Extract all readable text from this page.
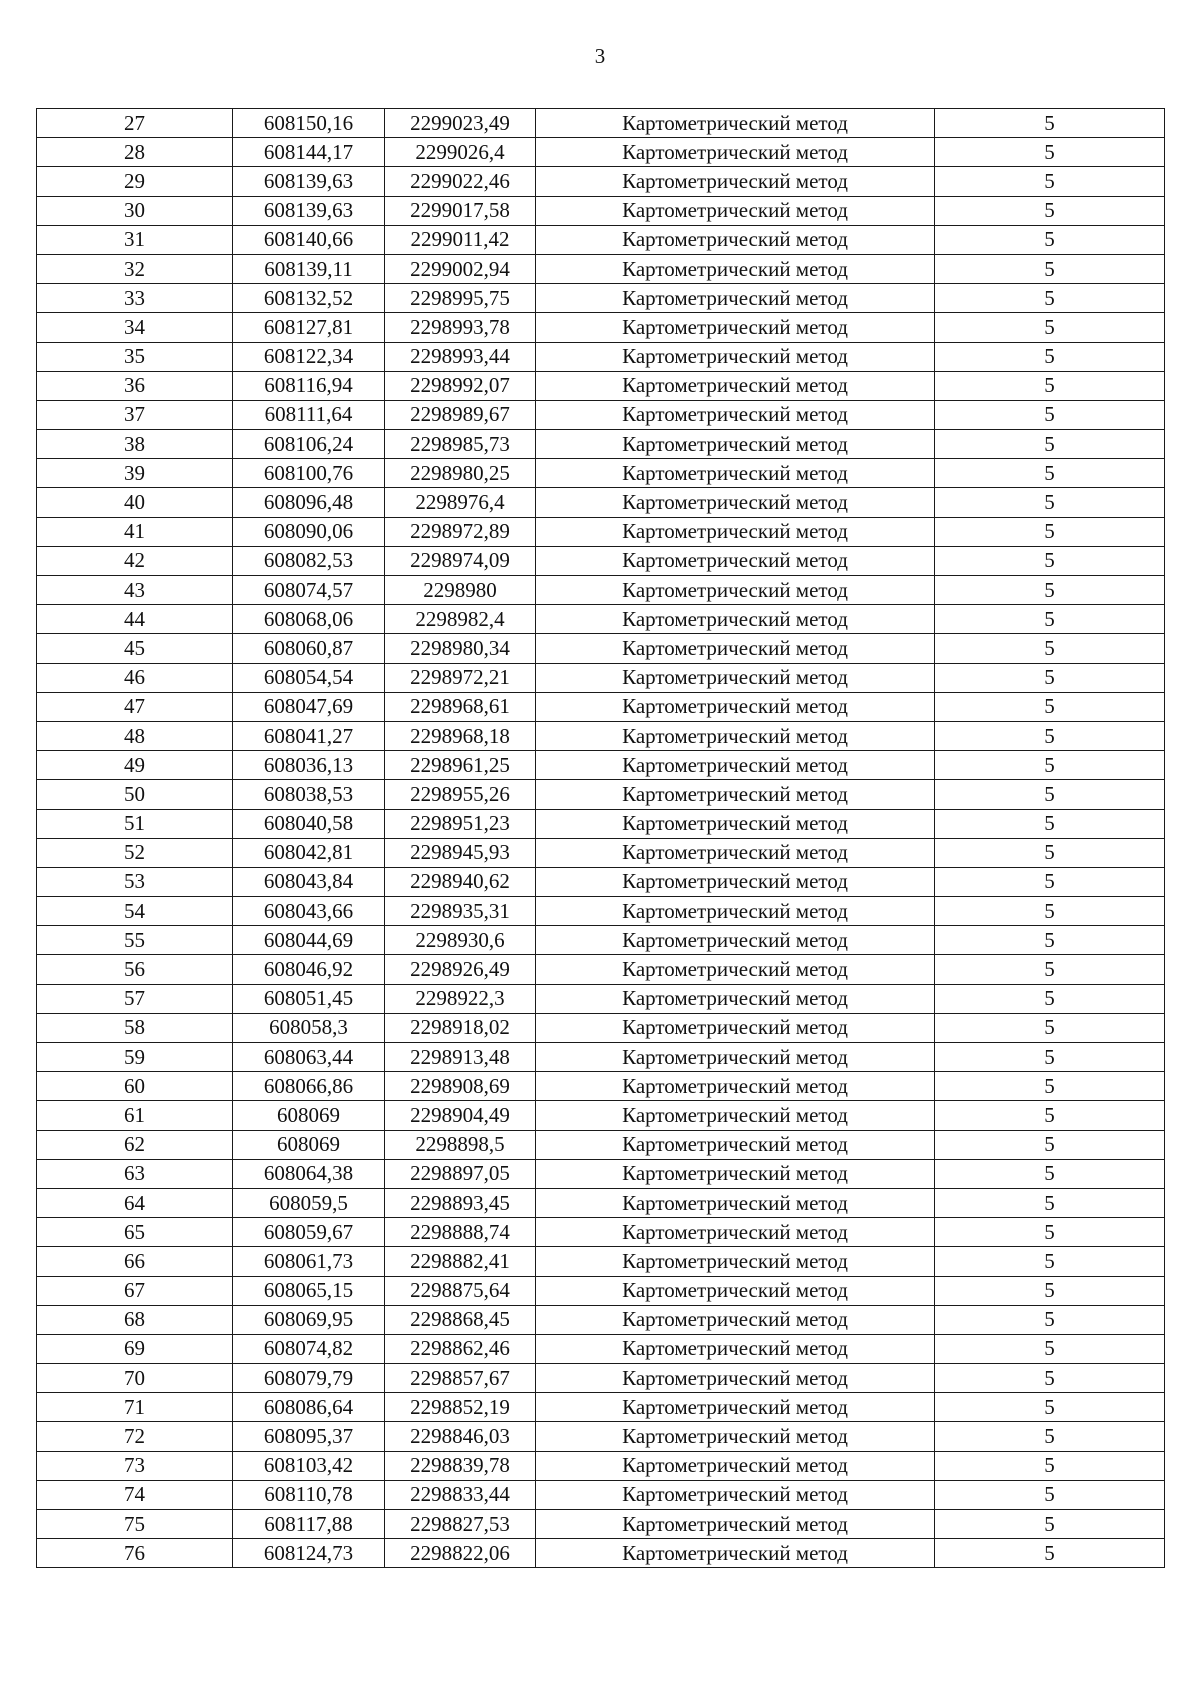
3
27	608150,16	2299023,49	Картометрический метод	5
28	608144,17	2299026,4	Картометрический метод	5
29	608139,63	2299022,46	Картометрический метод	5
30	608139,63	2299017,58	Картометрический метод	5
31	608140,66	2299011,42	Картометрический метод	5
32	608139,11	2299002,94	Картометрический метод	5
33	608132,52	2298995,75	Картометрический метод	5
34	608127,81	2298993,78	Картометрический метод	5
35	608122,34	2298993,44	Картометрический метод	5
36	608116,94	2298992,07	Картометрический метод	5
37	608111,64	2298989,67	Картометрический метод	5
38	608106,24	2298985,73	Картометрический метод	5
39	608100,76	2298980,25	Картометрический метод	5
40	608096,48	2298976,4	Картометрический метод	5
41	608090,06	2298972,89	Картометрический метод	5
42	608082,53	2298974,09	Картометрический метод	5
43	608074,57	2298980	Картометрический метод	5
44	608068,06	2298982,4	Картометрический метод	5
45	608060,87	2298980,34	Картометрический метод	5
46	608054,54	2298972,21	Картометрический метод	5
47	608047,69	2298968,61	Картометрический метод	5
48	608041,27	2298968,18	Картометрический метод	5
49	608036,13	2298961,25	Картометрический метод	5
50	608038,53	2298955,26	Картометрический метод	5
51	608040,58	2298951,23	Картометрический метод	5
52	608042,81	2298945,93	Картометрический метод	5
53	608043,84	2298940,62	Картометрический метод	5
54	608043,66	2298935,31	Картометрический метод	5
55	608044,69	2298930,6	Картометрический метод	5
56	608046,92	2298926,49	Картометрический метод	5
57	608051,45	2298922,3	Картометрический метод	5
58	608058,3	2298918,02	Картометрический метод	5
59	608063,44	2298913,48	Картометрический метод	5
60	608066,86	2298908,69	Картометрический метод	5
61	608069	2298904,49	Картометрический метод	5
62	608069	2298898,5	Картометрический метод	5
63	608064,38	2298897,05	Картометрический метод	5
64	608059,5	2298893,45	Картометрический метод	5
65	608059,67	2298888,74	Картометрический метод	5
66	608061,73	2298882,41	Картометрический метод	5
67	608065,15	2298875,64	Картометрический метод	5
68	608069,95	2298868,45	Картометрический метод	5
69	608074,82	2298862,46	Картометрический метод	5
70	608079,79	2298857,67	Картометрический метод	5
71	608086,64	2298852,19	Картометрический метод	5
72	608095,37	2298846,03	Картометрический метод	5
73	608103,42	2298839,78	Картометрический метод	5
74	608110,78	2298833,44	Картометрический метод	5
75	608117,88	2298827,53	Картометрический метод	5
76	608124,73	2298822,06	Картометрический метод	5
